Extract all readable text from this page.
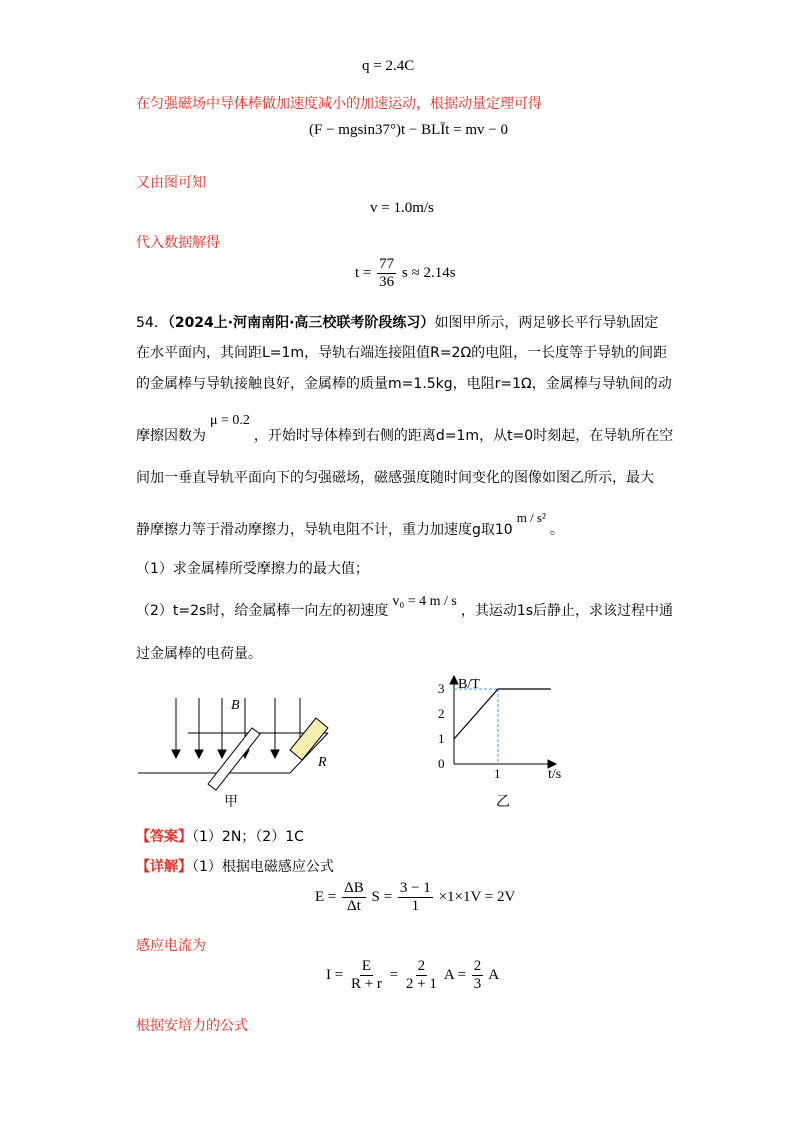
q = 2.4C
在匀强磁场中导体棒做加速度减小的加速运动，根据动量定理可得
(F − mgsin37°)t − BLĪt = mv − 0
又由图可知
v = 1.0m/s
代入数据解得
$t = \frac{77}{36}$ s ≈ 2.14s
54．（2024上·河南南阳·高三校联考阶段练习）如图甲所示，两足够长平行导轨固定
在水平面内，其间距L=1m，导轨右端连接阻值R=2Ω的电阻，一长度等于导轨的间距
的金属棒与导轨接触良好，金属棒的质量m=1.5kg，电阻r=1Ω，金属棒与导轨间的动
摩擦因数为μ = 0.2，开始时导体棒到右侧的距离d=1m，从t=0时刻起，在导轨所在空
间加一垂直导轨平面向下的匀强磁场，磁感强度随时间变化的图像如图乙所示，最大
静摩擦力等于滑动摩擦力，导轨电阻不计，重力加速度g取10m / s²。
（1）求金属棒所受摩擦力的最大值；
（2）t=2s时，给金属棒一向左的初速度v₀ = 4 m / s，其运动1s后静止，求该过程中通
过金属棒的电荷量。
B
R
甲
3
2
1
0
1
B/T
t/s
乙
【答案】（1）2N；（2）1C
【详解】（1）根据电磁感应公式
$E = \frac{\Delta B}{\Delta t}$ $S = \frac{3 - 1}{1} \times 1\times 1V = 2V$
感应电流为
$I = \frac{E}{R + r} = \frac{2}{2 + 1}$ $A = \frac{2}{3}$ A
根据安培力的公式
